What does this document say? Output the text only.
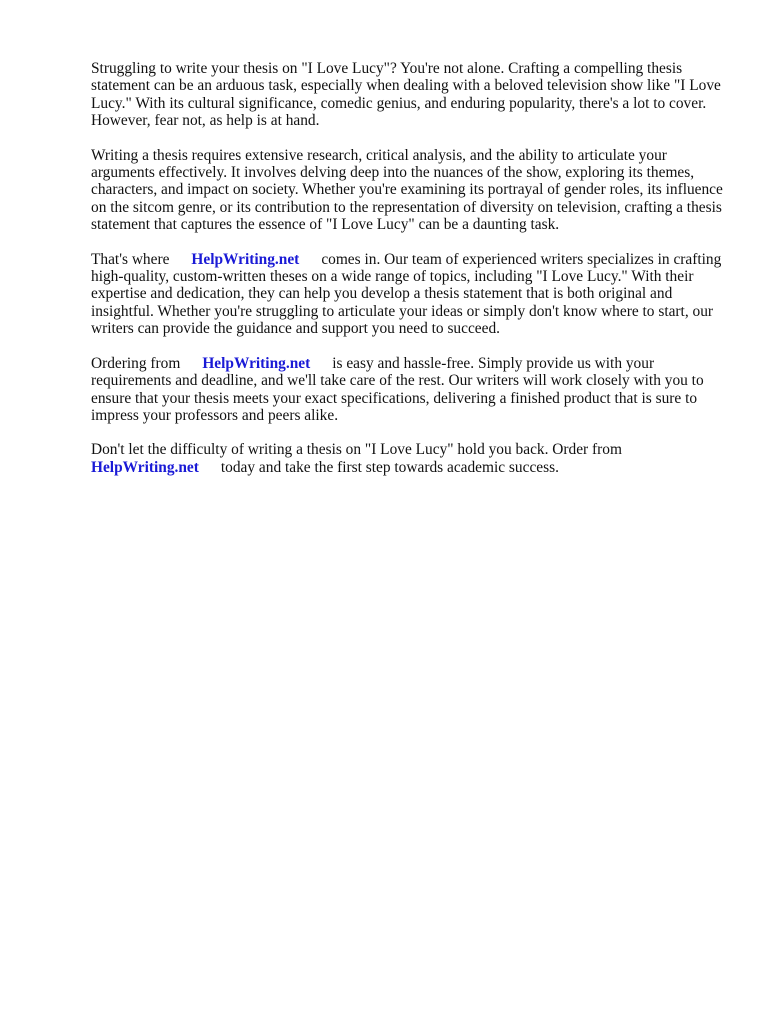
Struggling to write your thesis on "I Love Lucy"? You're not alone. Crafting a compelling thesis statement can be an arduous task, especially when dealing with a beloved television show like "I Love Lucy." With its cultural significance, comedic genius, and enduring popularity, there's a lot to cover. However, fear not, as help is at hand.

Writing a thesis requires extensive research, critical analysis, and the ability to articulate your arguments effectively. It involves delving deep into the nuances of the show, exploring its themes, characters, and impact on society. Whether you're examining its portrayal of gender roles, its influence on the sitcom genre, or its contribution to the representation of diversity on television, crafting a thesis statement that captures the essence of "I Love Lucy" can be a daunting task.

That's where HelpWriting.net comes in. Our team of experienced writers specializes in crafting high-quality, custom-written theses on a wide range of topics, including "I Love Lucy." With their expertise and dedication, they can help you develop a thesis statement that is both original and insightful. Whether you're struggling to articulate your ideas or simply don't know where to start, our writers can provide the guidance and support you need to succeed.

Ordering from HelpWriting.net is easy and hassle-free. Simply provide us with your requirements and deadline, and we'll take care of the rest. Our writers will work closely with you to ensure that your thesis meets your exact specifications, delivering a finished product that is sure to impress your professors and peers alike.

Don't let the difficulty of writing a thesis on "I Love Lucy" hold you back. Order from HelpWriting.net today and take the first step towards academic success.
